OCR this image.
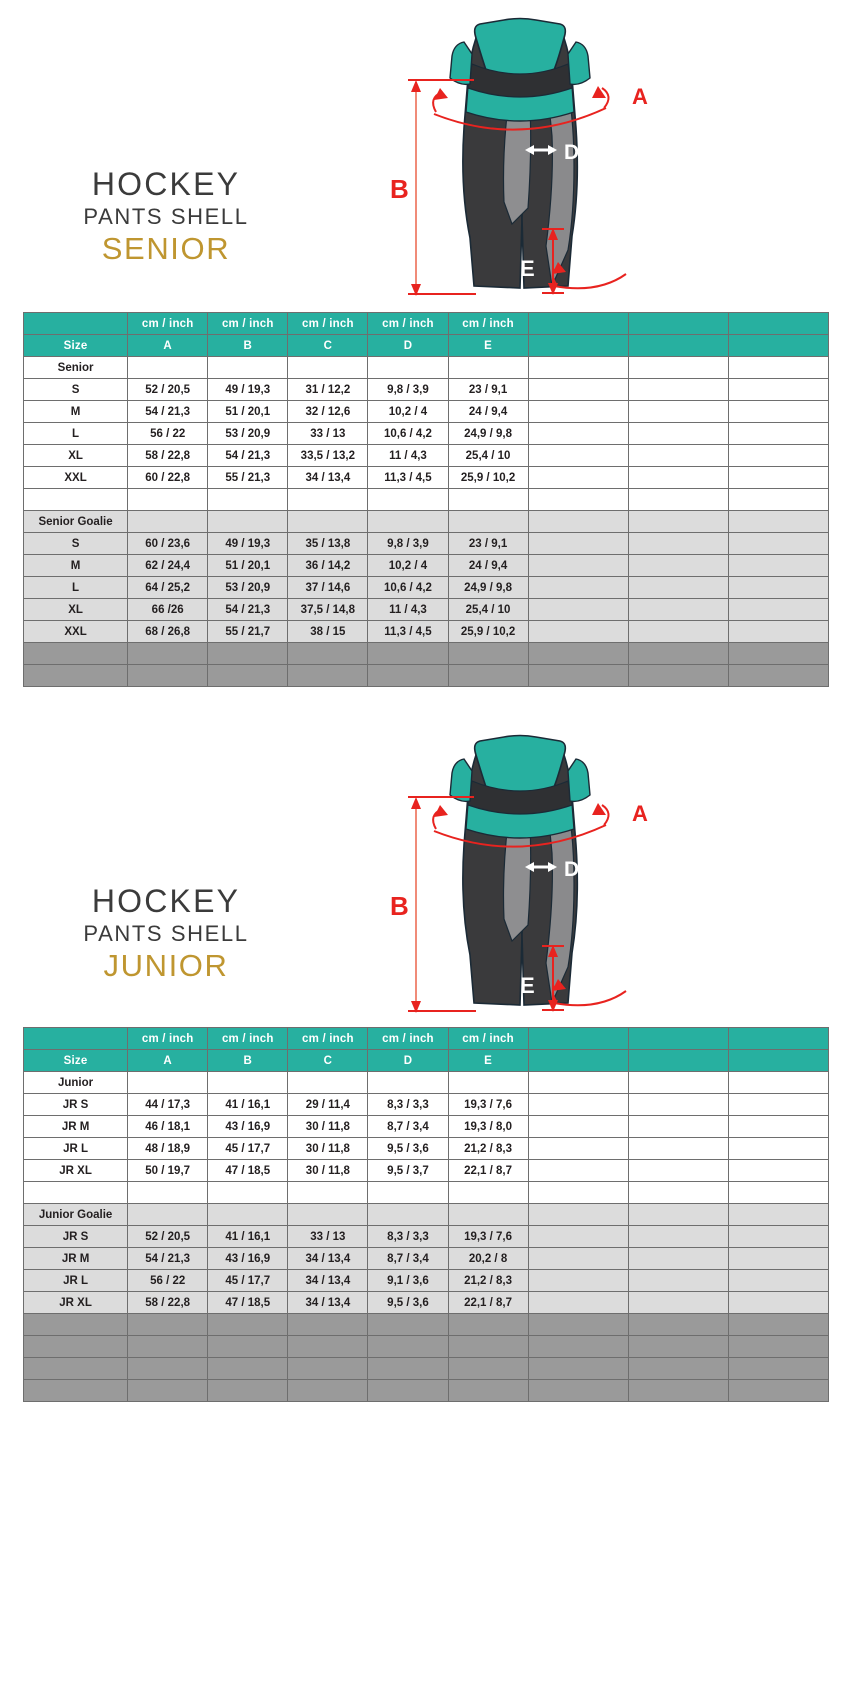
HOCKEY
PANTS SHELL
SENIOR
B
A
D
E	C
	cm / inch	cm / inch	cm / inch	cm / inch	cm / inch			
Size	A	B	C	D	E			
Senior								
S	52 / 20,5	49 / 19,3	31 / 12,2	9,8 / 3,9	23 / 9,1			
M	54 / 21,3	51 / 20,1	32 / 12,6	10,2 / 4	24 / 9,4			
L	56 / 22	53 / 20,9	33 / 13	10,6 / 4,2	24,9 / 9,8			
XL	58 / 22,8	54 / 21,3	33,5 / 13,2	11 / 4,3	25,4 / 10			
XXL	60 / 22,8	55 / 21,3	34 / 13,4	11,3 / 4,5	25,9 / 10,2			

Senior Goalie								
S	60 / 23,6	49 / 19,3	35 / 13,8	9,8 / 3,9	23 / 9,1			
M	62 / 24,4	51 / 20,1	36 / 14,2	10,2 / 4	24 / 9,4			
L	64 / 25,2	53 / 20,9	37 / 14,6	10,6 / 4,2	24,9 / 9,8			
XL	66 /26	54 / 21,3	37,5 / 14,8	11 / 4,3	25,4 / 10			
XXL	68 / 26,8	55 / 21,7	38 / 15	11,3 / 4,5	25,9 / 10,2			

HOCKEY
PANTS SHELL
JUNIOR
B
A
D
E	C
	cm / inch	cm / inch	cm / inch	cm / inch	cm / inch			
Size	A	B	C	D	E			
Junior								
JR S	44 / 17,3	41 / 16,1	29 / 11,4	8,3 / 3,3	19,3 / 7,6			
JR M	46 / 18,1	43 / 16,9	30 / 11,8	8,7 / 3,4	19,3 / 8,0			
JR L	48 / 18,9	45 / 17,7	30 / 11,8	9,5 / 3,6	21,2 / 8,3			
JR XL	50 / 19,7	47 / 18,5	30 / 11,8	9,5 / 3,7	22,1 / 8,7			

Junior Goalie								
JR S	52 / 20,5	41 / 16,1	33 / 13	8,3 / 3,3	19,3 / 7,6			
JR M	54 / 21,3	43 / 16,9	34 / 13,4	8,7 / 3,4	20,2 / 8			
JR L	56 / 22	45 / 17,7	34 / 13,4	9,1 / 3,6	21,2 / 8,3			
JR XL	58 / 22,8	47 / 18,5	34 / 13,4	9,5 / 3,6	22,1 / 8,7			
